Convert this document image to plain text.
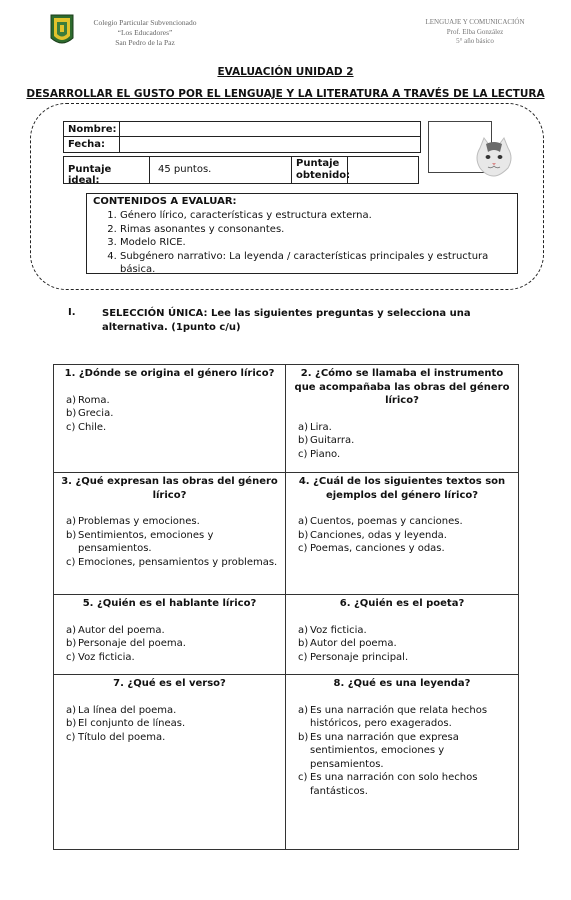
Colegio Particular Subvencionado
“Los Educadores”
San Pedro de la Paz
LENGUAJE Y COMUNICACIÓN
Prof. Elba González
5° año básico
EVALUACIÓN UNIDAD 2
DESARROLLAR EL GUSTO POR EL LENGUAJE Y LA LITERATURA A TRAVÉS DE LA LECTURA
Nombre:
Fecha:
Puntaje ideal:
45 puntos.
Puntaje obtenido:
CONTENIDOS A EVALUAR:
1. Género lírico, características y estructura externa.
2. Rimas asonantes y consonantes.
3. Modelo RICE.
4. Subgénero narrativo: La leyenda / características principales y estructura básica.
I.	SELECCIÓN ÚNICA: Lee las siguientes preguntas y selecciona una alternativa. (1punto c/u)
1. ¿Dónde se origina el género lírico?
a) Roma.
b) Grecia.
c) Chile.
2. ¿Cómo se llamaba el instrumento que acompañaba las obras del género lírico?
a) Lira.
b) Guitarra.
c) Piano.
3. ¿Qué expresan las obras del género lírico?
a) Problemas y emociones.
b) Sentimientos, emociones y pensamientos.
c) Emociones, pensamientos y problemas.
4. ¿Cuál de los siguientes textos son ejemplos del género lírico?
a) Cuentos, poemas y canciones.
b) Canciones, odas y leyenda.
c) Poemas, canciones y odas.
5. ¿Quién es el hablante lírico?
a) Autor del poema.
b) Personaje del poema.
c) Voz ficticia.
6. ¿Quién es el poeta?
a) Voz ficticia.
b) Autor del poema.
c) Personaje principal.
7. ¿Qué es el verso?
a) La línea del poema.
b) El conjunto de líneas.
c) Título del poema.
8. ¿Qué es una leyenda?
a) Es una narración que relata hechos históricos, pero exagerados.
b) Es una narración que expresa sentimientos, emociones y pensamientos.
c) Es una narración con solo hechos fantásticos.
